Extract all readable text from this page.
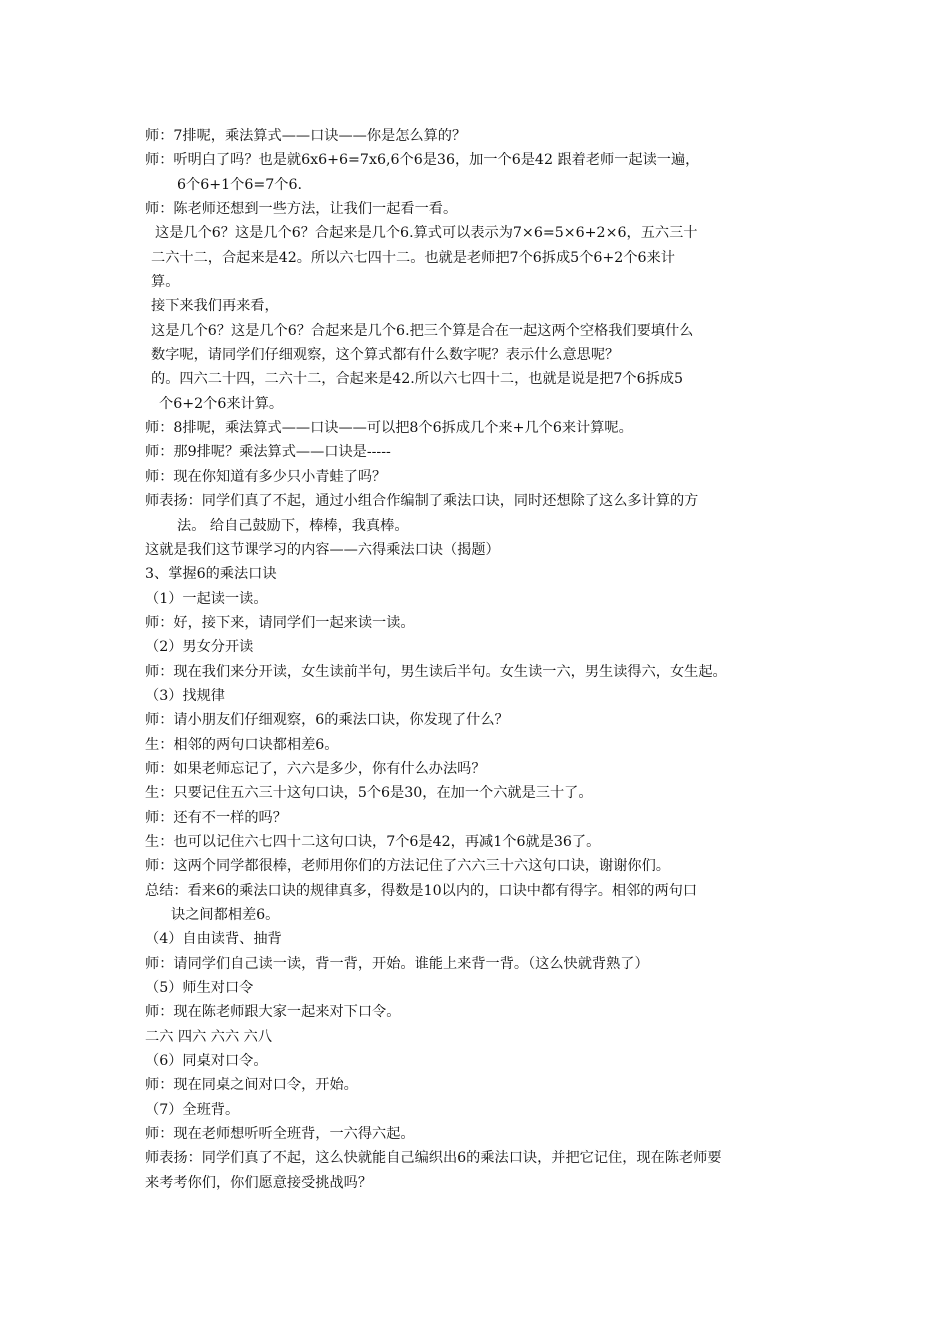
师：7排呢，乘法算式——口诀——你是怎么算的？
师：听明白了吗？也是就6x6+6=7x6,6个6是36，加一个6是42 跟着老师一起读一遍，
6个6+1个6=7个6.
师：陈老师还想到一些方法，让我们一起看一看。
这是几个6？这是几个6？合起来是几个6.算式可以表示为7×6=5×6+2×6，五六三十
二六十二，合起来是42。所以六七四十二。也就是老师把7个6拆成5个6+2个6来计
算。
接下来我们再来看，
这是几个6？这是几个6？合起来是几个6.把三个算是合在一起这两个空格我们要填什么
数字呢，请同学们仔细观察，这个算式都有什么数字呢？表示什么意思呢？
的。四六二十四，二六十二，合起来是42.所以六七四十二，也就是说是把7个6拆成5
个6+2个6来计算。
师：8排呢，乘法算式——口诀——可以把8个6拆成几个来+几个6来计算呢。
师：那9排呢？乘法算式——口诀是-----
师：现在你知道有多少只小青蛙了吗？
师表扬：同学们真了不起，通过小组合作编制了乘法口诀，同时还想除了这么多计算的方
法。 给自己鼓励下，棒棒，我真棒。
这就是我们这节课学习的内容——六得乘法口诀（揭题）
3、掌握6的乘法口诀
（1）一起读一读。
师：好，接下来，请同学们一起来读一读。
（2）男女分开读
师：现在我们来分开读，女生读前半句，男生读后半句。女生读一六，男生读得六，女生起。
（3）找规律
师：请小朋友们仔细观察，6的乘法口诀，你发现了什么？
生：相邻的两句口诀都相差6。
师：如果老师忘记了，六六是多少，你有什么办法吗？
生：只要记住五六三十这句口诀，5个6是30，在加一个六就是三十了。
师：还有不一样的吗？
生：也可以记住六七四十二这句口诀，7个6是42，再减1个6就是36了。
师：这两个同学都很棒，老师用你们的方法记住了六六三十六这句口诀，谢谢你们。
总结：看来6的乘法口诀的规律真多，得数是10以内的，口诀中都有得字。相邻的两句口
诀之间都相差6。
（4）自由读背、抽背
师：请同学们自己读一读，背一背，开始。谁能上来背一背。（这么快就背熟了）
（5）师生对口令
师：现在陈老师跟大家一起来对下口令。
二六 四六 六六 六八
（6）同桌对口令。
师：现在同桌之间对口令，开始。
（7）全班背。
师：现在老师想听听全班背，一六得六起。
师表扬：同学们真了不起，这么快就能自己编织出6的乘法口诀，并把它记住，现在陈老师要
来考考你们，你们愿意接受挑战吗？
